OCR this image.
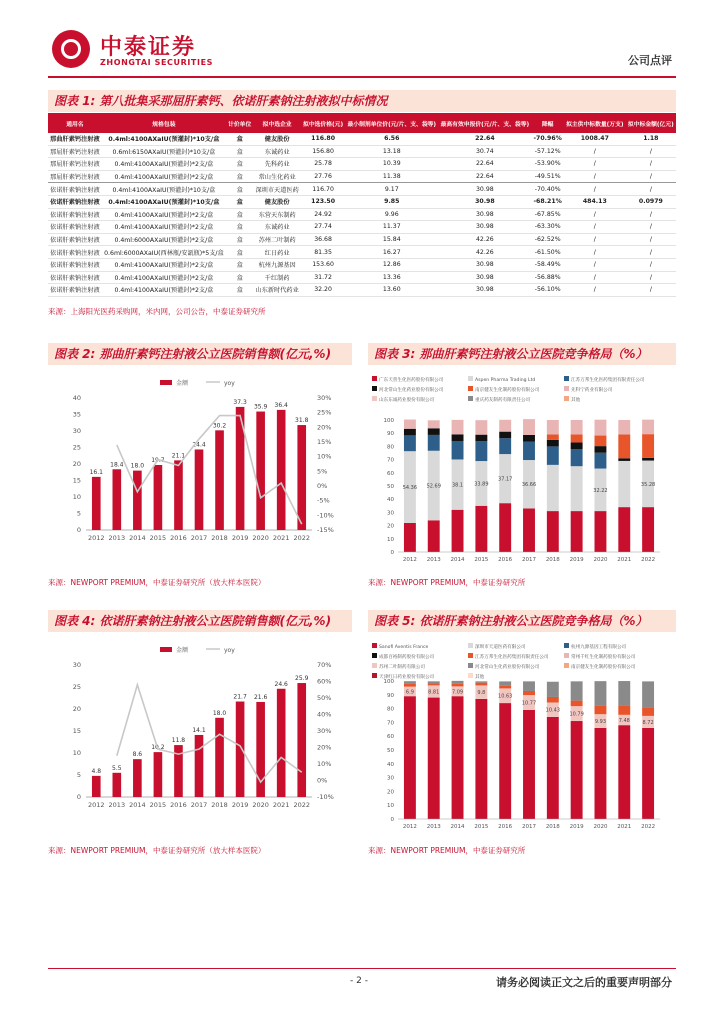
中泰证券
ZHONGTAI SECURITIES	公司点评
图表 1: 第八批集采那屈肝素钙、依诺肝素钠注射液拟中标情况
通用名	规格包装	计价单位	拟中选企业	拟中选价格(元)	最小制剂单位价(元/片、支、袋等)	最高有效申报价(元/片、支、袋等)	降幅	拟主供中标数量(万支)	拟中标金额(亿元)
那曲肝素钙注射液	0.4ml:4100AXaIU(预灌封)*10支/盒	盒	健友股份	116.80	6.56	22.64	-70.96%	1008.47	1.18
那屈肝素钙注射液	0.6ml:6150AXaIU(预灌封)*10支/盒	盒	东诚药业	156.80	13.18	30.74	-57.12%	/	/
那屈肝素钙注射液	0.4ml:4100AXaIU(预灌封)*2支/盒	盒	先科药业	25.78	10.39	22.64	-53.90%	/	/
那屈肝素钙注射液	0.4ml:4100AXaIU(预灌封)*2支/盒	盒	常山生化药业	27.76	11.38	22.64	-49.51%	/	/
依诺肝素钠注射液	0.4ml:4100AXaIU(预灌封)*10支/盒	盒	深圳市天道医药	116.70	9.17	30.98	-70.40%	/	/
依诺肝素钠注射液	0.4ml:4100AXaIU(预灌封)*10支/盒	盒	健友股份	123.50	9.85	30.98	-68.21%	484.13	0.0979
依诺肝素钠注射液	0.4ml:4100AXaIU(预灌封)*2支/盒	盒	东营天东制药	24.92	9.96	30.98	-67.85%	/	/
依诺肝素钠注射液	0.4ml:4100AXaIU(预灌封)*2支/盒	盒	东诚药业	27.74	11.37	30.98	-63.30%	/	/
依诺肝素钠注射液	0.4ml:6000AXaIU(预灌封)*2支/盒	盒	苏州二叶制药	36.68	15.84	42.26	-62.52%	/	/
依诺肝素钠注射液	0.6ml:6000AXaIU(西林瓶/安瓿瓶)*5支/盒	盒	红日药业	81.35	16.27	42.26	-61.50%	/	/
依诺肝素钠注射液	0.4ml:4100AXaIU(预灌封)*2支/盒	盒	杭州九源基因	153.60	12.86	30.98	-58.49%	/	/
依诺肝素钠注射液	0.4ml:4100AXaIU(预灌封)*2支/盒	盒	千红制药	31.72	13.36	30.98	-56.88%	/	/
依诺肝素钠注射液	0.4ml:4100AXaIU(预灌封)*2支/盒	盒	山东新时代药业	32.20	13.60	30.98	-56.10%	/	/
来源：上海阳光医药采购网，米内网，公司公告，中泰证券研究所
图表 2: 那曲肝素钙注射液公立医院销售额(亿元,%)
金额	yoy
0
5
10
15
20
25
30
35
40
-15%
-10%
-5%
0%
5%
10%
15%
20%
25%
30%
16.1
2012
18.4
2013
18.0
2014
19.7
2015
21.1
2016
24.4
2017
30.2
2018
37.3
2019
35.9
2020
36.4
2021
31.8
2022
来源：NEWPORT PREMIUM，中泰证券研究所（放大样本医院）
图表 3: 那曲肝素钙注射液公立医院竞争格局（%）
广东天普生化医药股份有限公司	Aspen Pharma Trading Ltd	江苏万邦生化医药集团有限责任公司
河北常山生化药业股份有限公司	南京健友生化制药股份有限公司	先科宁药业有限公司
山东东诚药业股份有限公司	重庆药友制药有限责任公司	其他
0
10
20
30
40
50
60
70
80
90
100
54.36
2012
52.69
2013
38.1
2014
33.89
2015
37.17
2016
36.66
2017 2018 2019
32.22
2020 2021
35.28
2022
来源：NEWPORT PREMIUM，中泰证券研究所
图表 4: 依诺肝素钠注射液公立医院销售额(亿元,%)
金额	yoy
0
5
10
15
20
25
30
-10%
0%
10%
20%
30%
40%
50%
60%
70%
4.8
2012
5.5
2013
8.6
2014
10.2
2015
11.8
2016
14.1
2017
18.0
2018
21.7
2019
21.6
2020
24.6
2021
25.9
2022
来源：NEWPORT PREMIUM，中泰证券研究所（放大样本医院）
图表 5: 依诺肝素钠注射液公立医院竞争格局（%）
Sanofi Aventis France	深圳市天道医药有限公司	杭州九源基因工程有限公司
成都百裕制药股份有限公司	江苏万邦生化医药集团有限责任公司	常州千红生化制药股份有限公司
苏州二叶制药有限公司	河北常山生化药业股份有限公司	南京健友生化制药股份有限公司
天津红日药业股份有限公司	其他
0
10
20
30
40
50
60
70
80
90
100
6.9
2012
8.81
2013
7.09
2014
9.8
2015
10.63
2016
10.77
2017
10.43
2018
10.79
2019
9.93
2020
7.48
2021
8.72
2022
来源：NEWPORT PREMIUM，中泰证券研究所
- 2 -	请务必阅读正文之后的重要声明部分
